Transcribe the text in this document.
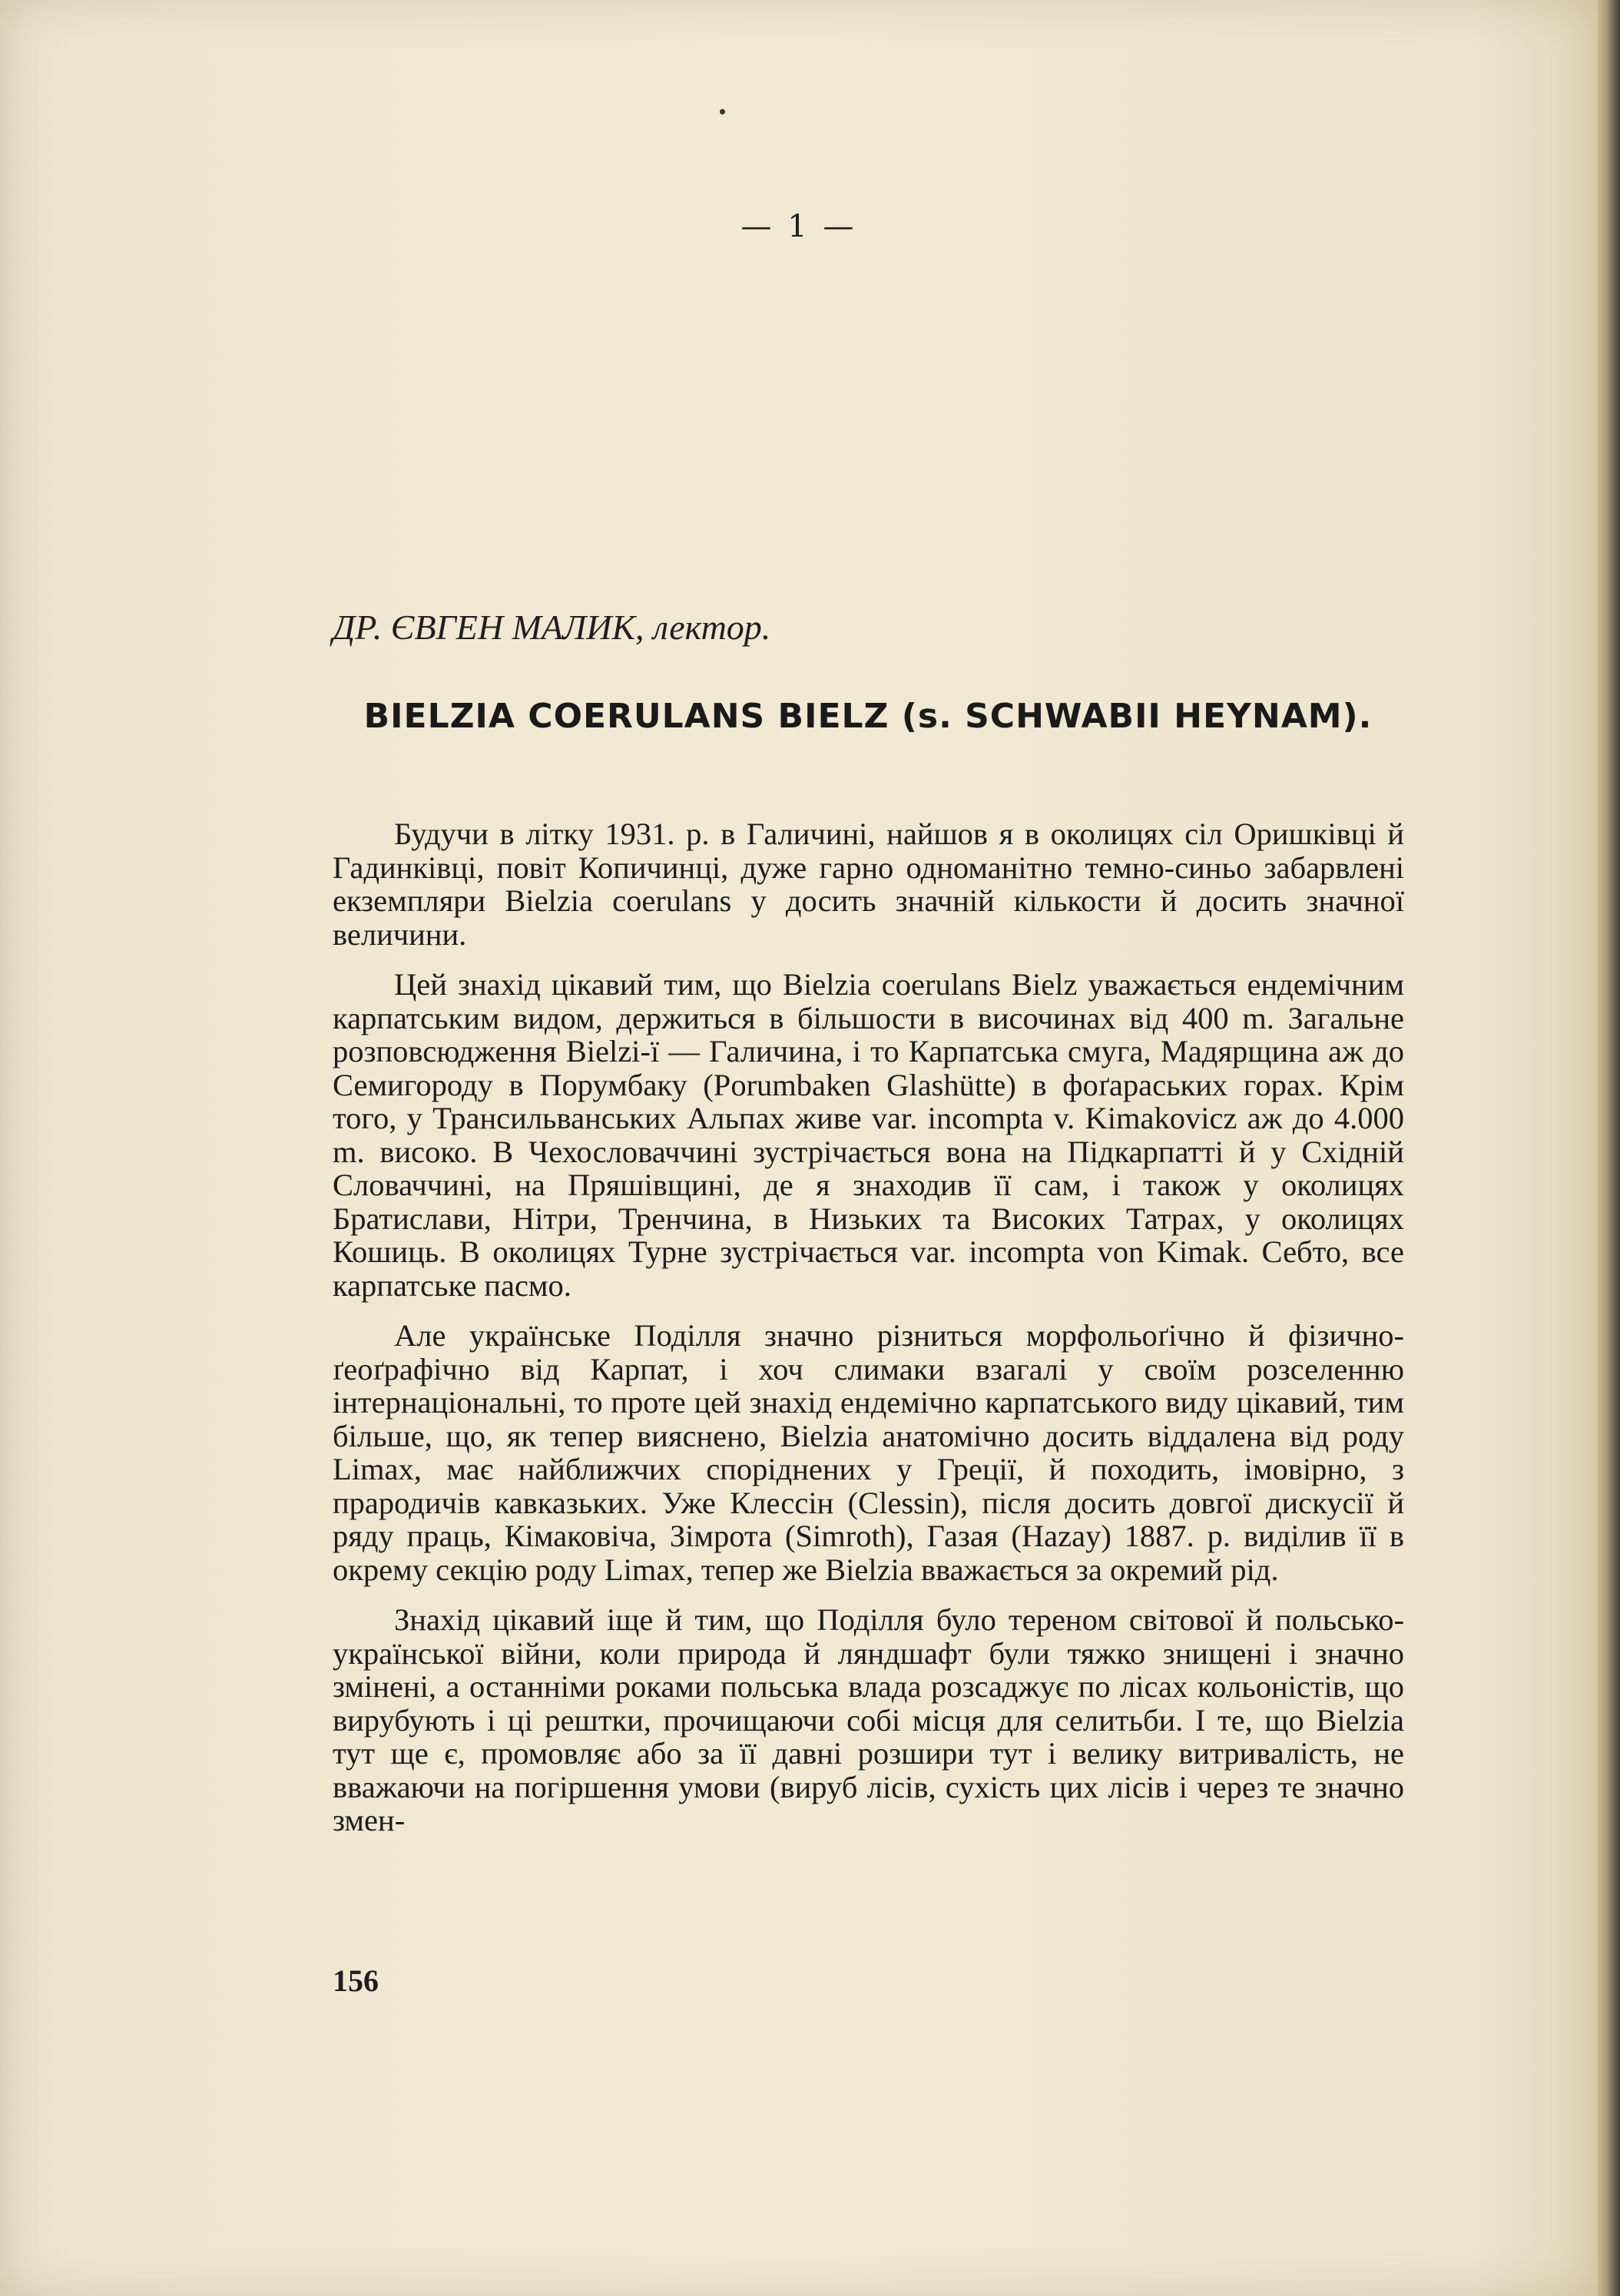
— 1 —
ДР. ЄВГЕН МАЛИК, лектор.
BIELZIA COERULANS BIELZ (s. SCHWABII HEYNAM).

Будучи в літку 1931. р. в Галичині, найшов я в околицях сіл Оришківці й Гадинківці, повіт Копичинці, дуже гарно одноманітно темно-синьо забарвлені екземпляри Bielzia coerulans у досить значній кількости й досить значної величини.

Цей знахід цікавий тим, що Bielzia coerulans Bielz уважається ендемічним карпатським видом, держиться в більшости в височинах від 400 m. Загальне розповсюдження Bielzi-ї — Галичина, і то Карпатська смуга, Мадярщина аж до Семигороду в Порумбаку (Porumbaken Glashütte) в фоґараських горах. Крім того, у Трансильванських Альпах живе var. incompta v. Kimakovicz аж до 4.000 m. високо. В Чехословаччині зустрічається вона на Підкарпатті й у Східній Словаччині, на Пряшівщині, де я знаходив її сам, і також у околицях Братислави, Нітри, Тренчина, в Низьких та Високих Татрах, у околицях Кошиць. В околицях Турне зустрічається var. incompta von Kimak. Себто, все карпатське пасмо.

Але українське Поділля значно різниться морфольоґічно й фізично-ґеоґрафічно від Карпат, і хоч слимаки взагалі у своїм розселенню інтернаціональні, то проте цей знахід ендемічно карпатського виду цікавий, тим більше, що, як тепер вияснено, Bielzia анатомічно досить віддалена від роду Limax, має найближчих споріднених у Греції, й походить, імовірно, з прародичів кавказьких. Уже Клессін (Clessin), після досить довгої дискусії й ряду праць, Кімаковіча, Зімрота (Simroth), Газая (Hazay) 1887. р. виділив її в окрему секцію роду Limax, тепер же Bielzia вважається за окремий рід.

Знахід цікавий іще й тим, що Поділля було тереном світової й польсько-української війни, коли природа й ляндшафт були тяжко знищені і значно змінені, а останніми роками польська влада розсаджує по лісах кольоністів, що вирубують і ці рештки, прочищаючи собі місця для селитьби. І те, що Bielzia тут ще є, промовляє або за її давні розшири тут і велику витривалість, не вважаючи на погіршення умови (вируб лісів, сухість цих лісів і через те значно змен-

156
